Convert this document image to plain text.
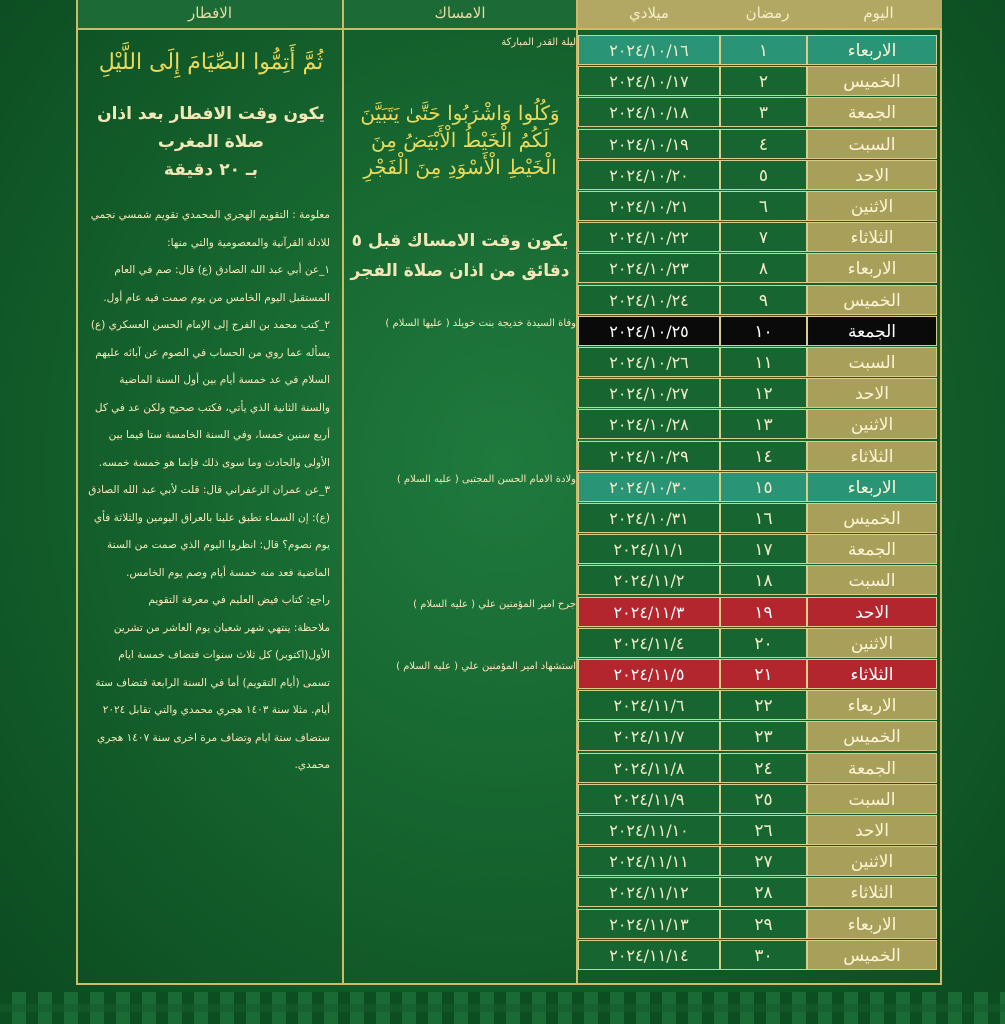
اليوم
رمضان
ميلادي
الامساك
الافطار
الاربعاء
١
٢٠٢٤/١٠/١٦
الخميس
٢
٢٠٢٤/١٠/١٧
الجمعة
٣
٢٠٢٤/١٠/١٨
السبت
٤
٢٠٢٤/١٠/١٩
الاحد
٥
٢٠٢٤/١٠/٢٠
الاثنين
٦
٢٠٢٤/١٠/٢١
الثلاثاء
٧
٢٠٢٤/١٠/٢٢
الاربعاء
٨
٢٠٢٤/١٠/٢٣
الخميس
٩
٢٠٢٤/١٠/٢٤
الجمعة
١٠
٢٠٢٤/١٠/٢٥
السبت
١١
٢٠٢٤/١٠/٢٦
الاحد
١٢
٢٠٢٤/١٠/٢٧
الاثنين
١٣
٢٠٢٤/١٠/٢٨
الثلاثاء
١٤
٢٠٢٤/١٠/٢٩
الاربعاء
١٥
٢٠٢٤/١٠/٣٠
الخميس
١٦
٢٠٢٤/١٠/٣١
الجمعة
١٧
٢٠٢٤/١١/١
السبت
١٨
٢٠٢٤/١١/٢
الاحد
١٩
٢٠٢٤/١١/٣
الاثنين
٢٠
٢٠٢٤/١١/٤
الثلاثاء
٢١
٢٠٢٤/١١/٥
الاربعاء
٢٢
٢٠٢٤/١١/٦
الخميس
٢٣
٢٠٢٤/١١/٧
الجمعة
٢٤
٢٠٢٤/١١/٨
السبت
٢٥
٢٠٢٤/١١/٩
الاحد
٢٦
٢٠٢٤/١١/١٠
الاثنين
٢٧
٢٠٢٤/١١/١١
الثلاثاء
٢٨
٢٠٢٤/١١/١٢
الاربعاء
٢٩
٢٠٢٤/١١/١٣
الخميس
٣٠
٢٠٢٤/١١/١٤
ليلة القدر المباركة
وفاة السيدة خديجة بنت خويلد ( عليها السلام )
ولادة الامام الحسن المجتبى ( عليه السلام )
جرح امير المؤمنين علي ( عليه السلام )
استشهاد امير المؤمنين علي ( عليه السلام )
وَكُلُوا وَاشْرَبُوا حَتَّىٰ يَتَبَيَّنَ
لَكُمُ الْخَيْطُ الْأَبْيَضُ مِنَ
الْخَيْطِ الْأَسْوَدِ مِنَ الْفَجْرِ
يكون وقت الامساك قبل ٥
دقائق من اذان صلاة الفجر
ثُمَّ أَتِمُّوا الصِّيَامَ إِلَى اللَّيْلِ
يكون وقت الافطار بعد اذان
صلاة المغرب
بـ ٢٠ دقيقة

معلومة : التقويم الهجري المحمدي تقويم شمسي نجمي للادلة القرآنية والمعصومية والتي منها:

١_عن أبي عبد الله الصادق (ع) قال: صم في العام المستقبل اليوم الخامس من يوم صمت فيه عام أول.

٢_كتب محمد بن الفرج إلى الإمام الحسن العسكري (ع) يسأله عما روي من الحساب في الصوم عن آبائه عليهم السلام في عد خمسة أيام بين أول السنة الماضية والسنة الثانية الذي يأتي، فكتب صحيح ولكن عد في كل أربع سنين خمسا، وفي السنة الخامسة ستا فيما بين الأولى والحادث وما سوى ذلك فإنما هو خمسة خمسه.

٣_عن عمران الزعفراني قال: قلت لأبي عبد الله الصادق (ع): إن السماء تطبق علينا بالعراق اليومين والثلاثة فأي يوم نصوم؟ قال: انظروا اليوم الذي صمت من السنة الماضية فعد منه خمسة أيام وصم يوم الخامس.

راجع: كتاب فيض العليم في معرفة التقويم

ملاحظة: ينتهي شهر شعبان يوم العاشر من تشرين الأول(اكتوبر) كل ثلاث سنوات فتضاف خمسة ايام تسمى (أيام التقويم) أما في السنة الرابعة فتضاف ستة أيام. مثلا سنة ١٤٠٣ هجري محمدي والتي تقابل ٢٠٢٤ ستضاف ستة ايام وتضاف مرة اخرى سنة ١٤٠٧ هجري محمدي.
